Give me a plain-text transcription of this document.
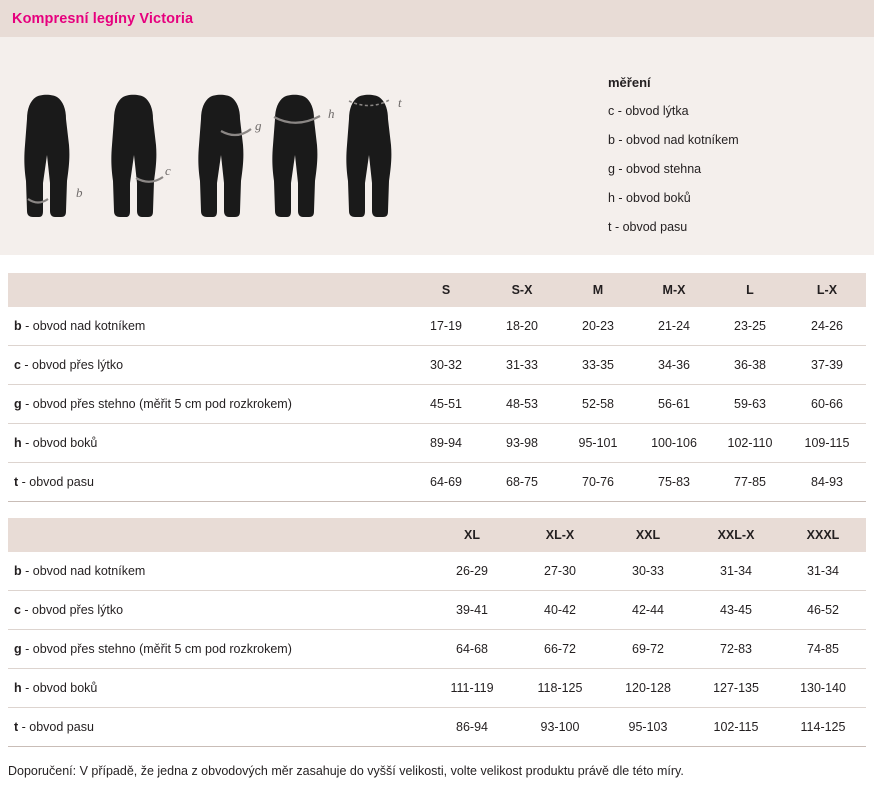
Kompresní legíny Victoria
b
c
g
h
t
měření
c - obvod lýtka
b - obvod nad kotníkem
g - obvod stehna
h - obvod boků
t - obvod pasu
	S	S-X	M	M-X	L	L-X
b - obvod nad kotníkem	17-19	18-20	20-23	21-24	23-25	24-26
c - obvod přes lýtko	30-32	31-33	33-35	34-36	36-38	37-39
g - obvod přes stehno (měřit 5 cm pod rozkrokem)	45-51	48-53	52-58	56-61	59-63	60-66
h - obvod boků	89-94	93-98	95-101	100-106	102-110	109-115
t - obvod pasu	64-69	68-75	70-76	75-83	77-85	84-93
	XL	XL-X	XXL	XXL-X	XXXL
b - obvod nad kotníkem	26-29	27-30	30-33	31-34	31-34
c - obvod přes lýtko	39-41	40-42	42-44	43-45	46-52
g - obvod přes stehno (měřit 5 cm pod rozkrokem)	64-68	66-72	69-72	72-83	74-85
h - obvod boků	111-119	118-125	120-128	127-135	130-140
t - obvod pasu	86-94	93-100	95-103	102-115	114-125
Doporučení: V případě, že jedna z obvodových měr zasahuje do vyšší velikosti, volte velikost produktu právě dle této míry.
